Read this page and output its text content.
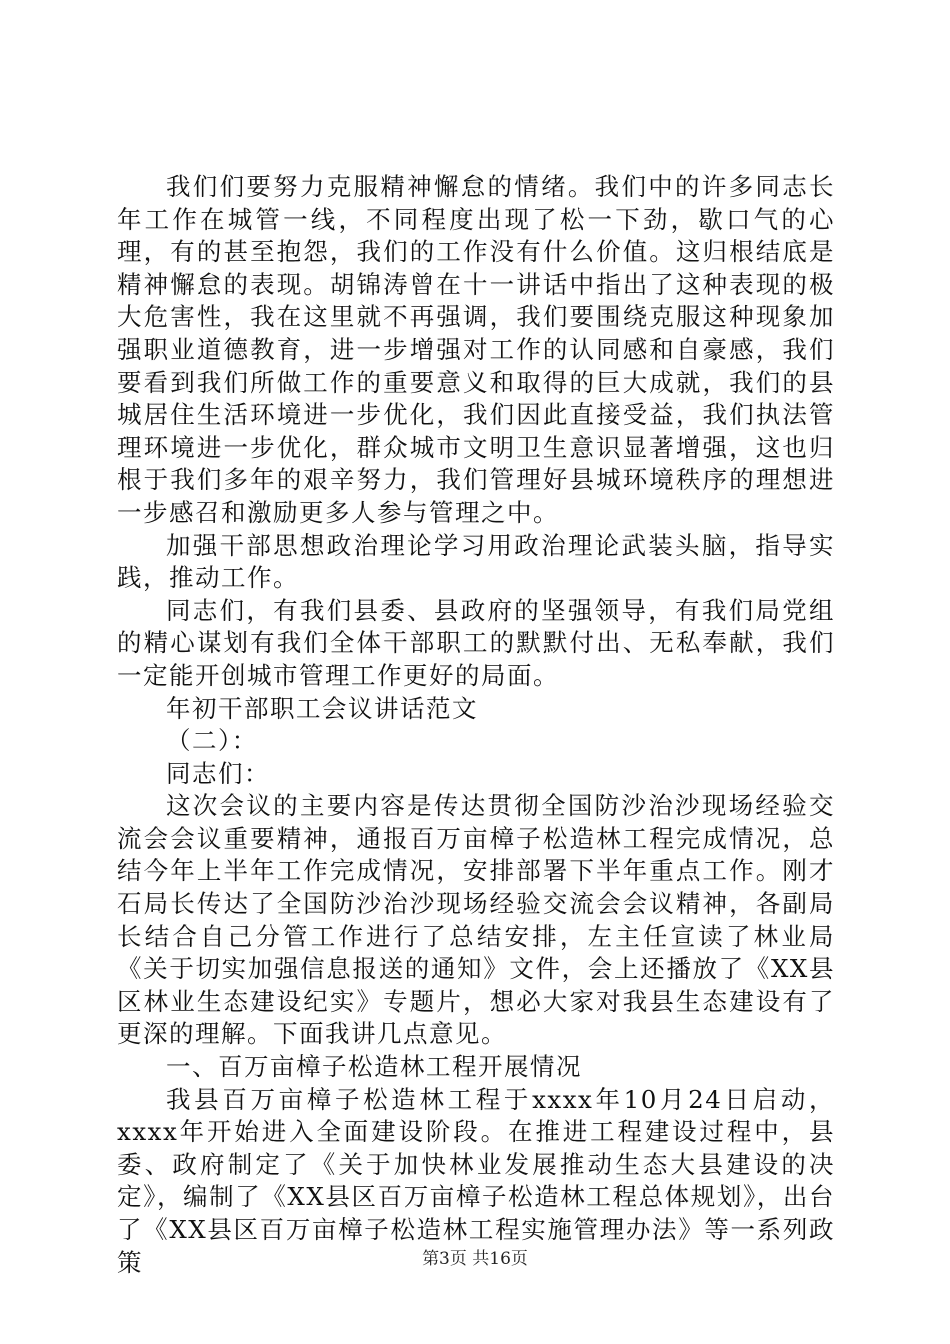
我们们要努力克服精神懈怠的情绪。我们中的许多同志长年工作在城管一线，不同程度出现了松一下劲，歇口气的心理，有的甚至抱怨，我们的工作没有什么价值。这归根结底是精神懈怠的表现。胡锦涛曾在十一讲话中指出了这种表现的极大危害性，我在这里就不再强调，我们要围绕克服这种现象加强职业道德教育，进一步增强对工作的认同感和自豪感，我们要看到我们所做工作的重要意义和取得的巨大成就，我们的县城居住生活环境进一步优化，我们因此直接受益，我们执法管理环境进一步优化，群众城市文明卫生意识显著增强，这也归根于我们多年的艰辛努力，我们管理好县城环境秩序的理想进一步感召和激励更多人参与管理之中。

加强干部思想政治理论学习用政治理论武装头脑，指导实践，推动工作。

同志们，有我们县委、县政府的坚强领导，有我们局党组的精心谋划有我们全体干部职工的默默付出、无私奉献，我们一定能开创城市管理工作更好的局面。

年初干部职工会议讲话范文

（二）：

同志们：

这次会议的主要内容是传达贯彻全国防沙治沙现场经验交流会会议重要精神，通报百万亩樟子松造林工程完成情况，总结今年上半年工作完成情况，安排部署下半年重点工作。刚才石局长传达了全国防沙治沙现场经验交流会会议精神，各副局长结合自己分管工作进行了总结安排，左主任宣读了林业局《关于切实加强信息报送的通知》文件，会上还播放了《XX县区林业生态建设纪实》专题片，想必大家对我县生态建设有了更深的理解。下面我讲几点意见。

一、百万亩樟子松造林工程开展情况

我县百万亩樟子松造林工程于xxxx年10月24日启动，xxxx年开始进入全面建设阶段。在推进工程建设过程中，县委、政府制定了《关于加快林业发展推动生态大县建设的决定》，编制了《XX县区百万亩樟子松造林工程总体规划》，出台了《XX县区百万亩樟子松造林工程实施管理办法》等一系列政策	第3页 共16页
